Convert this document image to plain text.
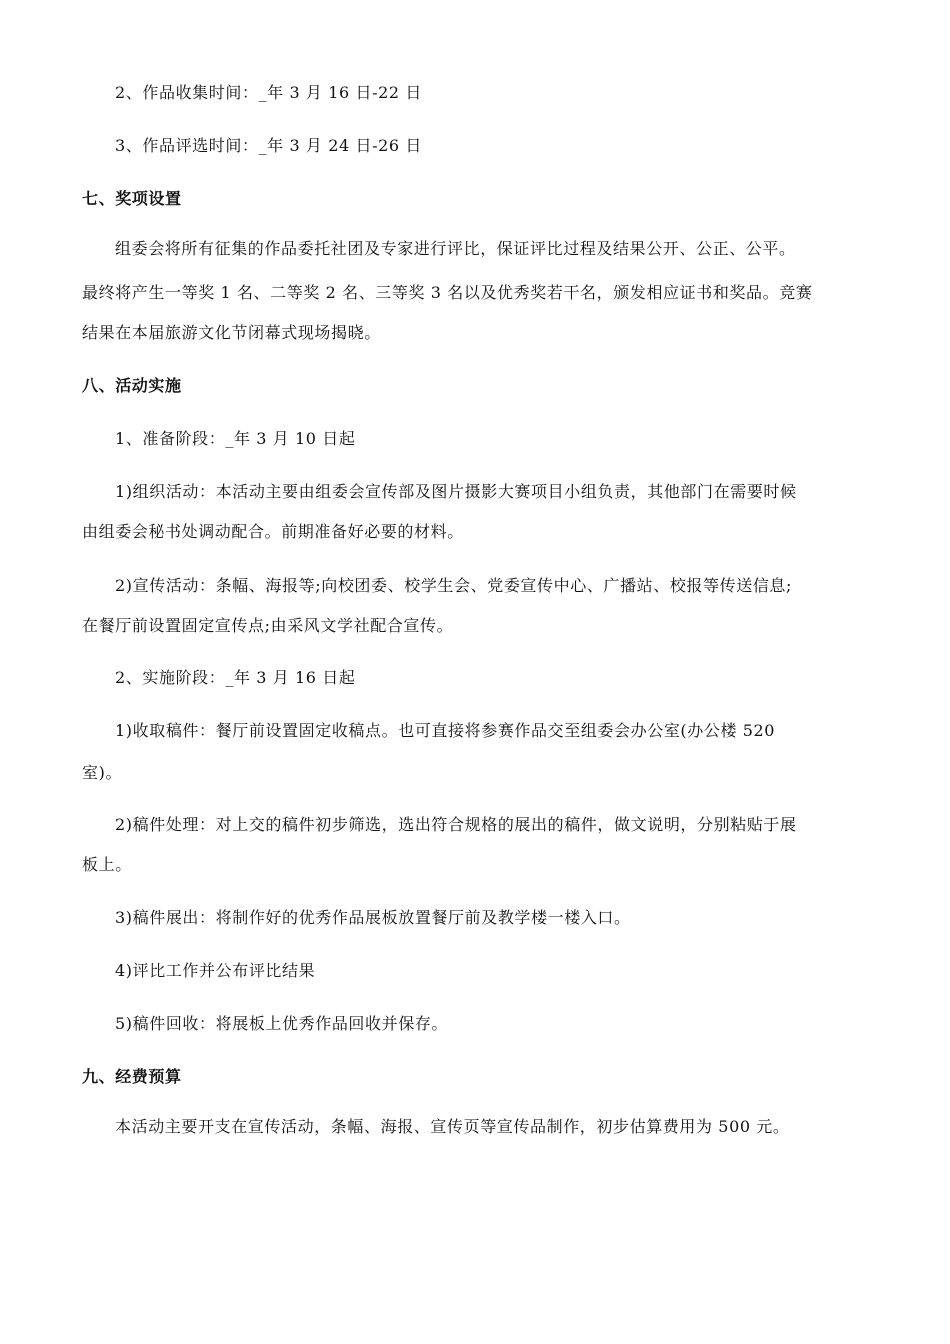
2、作品收集时间：_年 3 月 16 日-22 日
3、作品评选时间：_年 3 月 24 日-26 日
七、奖项设置
组委会将所有征集的作品委托社团及专家进行评比，保证评比过程及结果公开、公正、公平。
最终将产生一等奖 1 名、二等奖 2 名、三等奖 3 名以及优秀奖若干名，颁发相应证书和奖品。竞赛
结果在本届旅游文化节闭幕式现场揭晓。
八、活动实施
1、准备阶段：_年 3 月 10 日起
1)组织活动：本活动主要由组委会宣传部及图片摄影大赛项目小组负责，其他部门在需要时候
由组委会秘书处调动配合。前期准备好必要的材料。
2)宣传活动：条幅、海报等;向校团委、校学生会、党委宣传中心、广播站、校报等传送信息;
在餐厅前设置固定宣传点;由采风文学社配合宣传。
2、实施阶段：_年 3 月 16 日起
1)收取稿件：餐厅前设置固定收稿点。也可直接将参赛作品交至组委会办公室(办公楼 520
室)。
2)稿件处理：对上交的稿件初步筛选，选出符合规格的展出的稿件，做文说明，分别粘贴于展
板上。
3)稿件展出：将制作好的优秀作品展板放置餐厅前及教学楼一楼入口。
4)评比工作并公布评比结果
5)稿件回收：将展板上优秀作品回收并保存。
九、经费预算
本活动主要开支在宣传活动，条幅、海报、宣传页等宣传品制作，初步估算费用为 500 元。
